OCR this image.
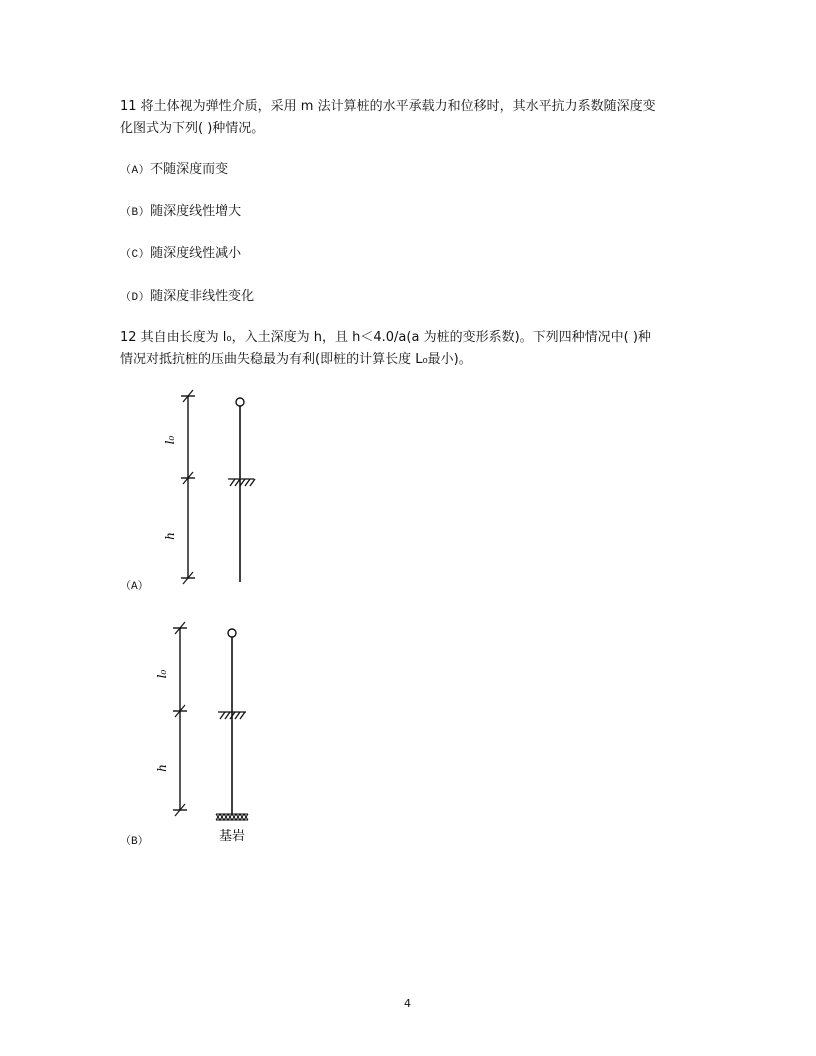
11 将土体视为弹性介质，采用 m 法计算桩的水平承载力和位移时，其水平抗力系数随深度变
化图式为下列( )种情况。
（A）不随深度而变
（B）随深度线性增大
（C）随深度线性减小
（D）随深度非线性变化
12 其自由长度为 l₀，入土深度为 h，且 h＜4.0/a(a 为桩的变形系数)。下列四种情况中( )种
情况对抵抗桩的压曲失稳最为有利(即桩的计算长度 L₀最小)。
l₀
h
（A）
l₀
h
基岩
（B）
4
